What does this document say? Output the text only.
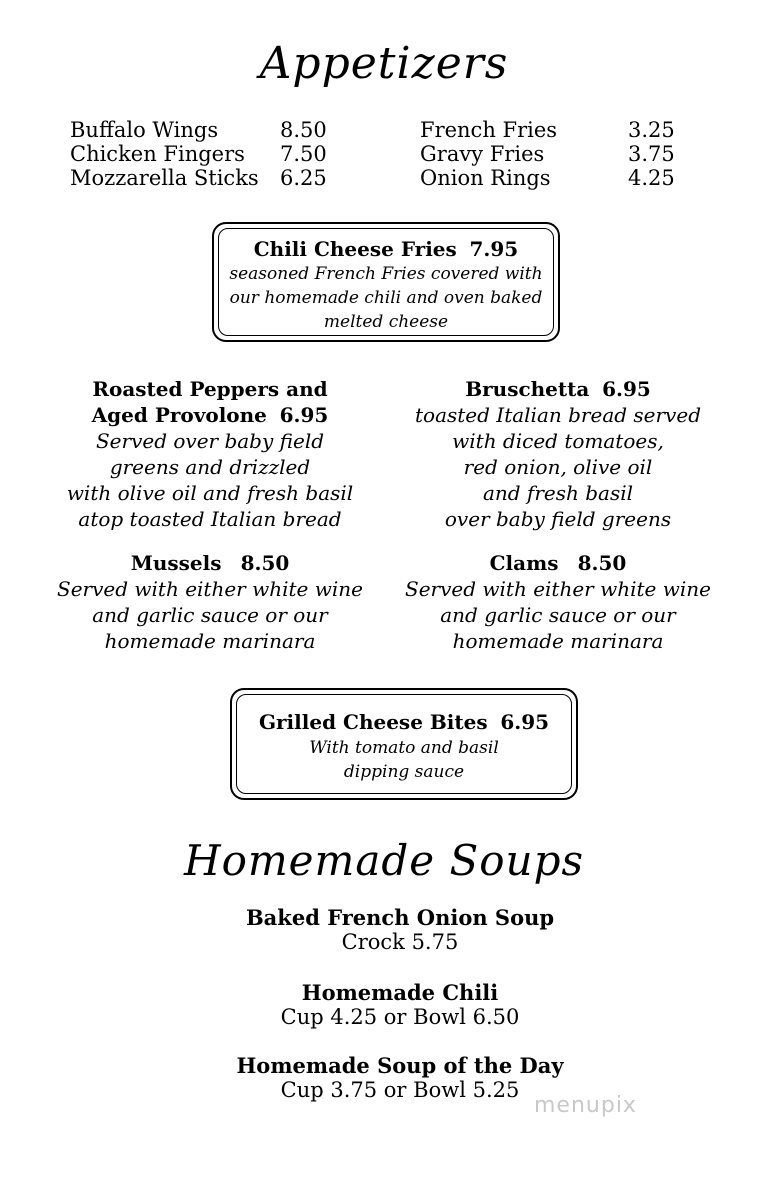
Appetizers
Buffalo Wings	8.50
Chicken Fingers 7.50
Mozzarella Sticks 6.25
French Fries	3.25
Gravy Fries	3.75
Onion Rings	4.25
Chili Cheese Fries 7.95
seasoned French Fries covered with
our homemade chili and oven baked
melted cheese
Roasted Peppers and
Aged Provolone 6.95
Served over baby field
greens and drizzled
with olive oil and fresh basil
atop toasted Italian bread
Bruschetta 6.95
toasted Italian bread served
with diced tomatoes,
red onion, olive oil
and fresh basil
over baby field greens
Mussels 8.50
Served with either white wine
and garlic sauce or our
homemade marinara
Clams 8.50
Served with either white wine
and garlic sauce or our
homemade marinara
Grilled Cheese Bites 6.95
With tomato and basil
dipping sauce
Homemade Soups
Baked French Onion Soup
Crock 5.75
Homemade Chili
Cup 4.25 or Bowl 6.50
Homemade Soup of the Day
Cup 3.75 or Bowl 5.25
menupix
